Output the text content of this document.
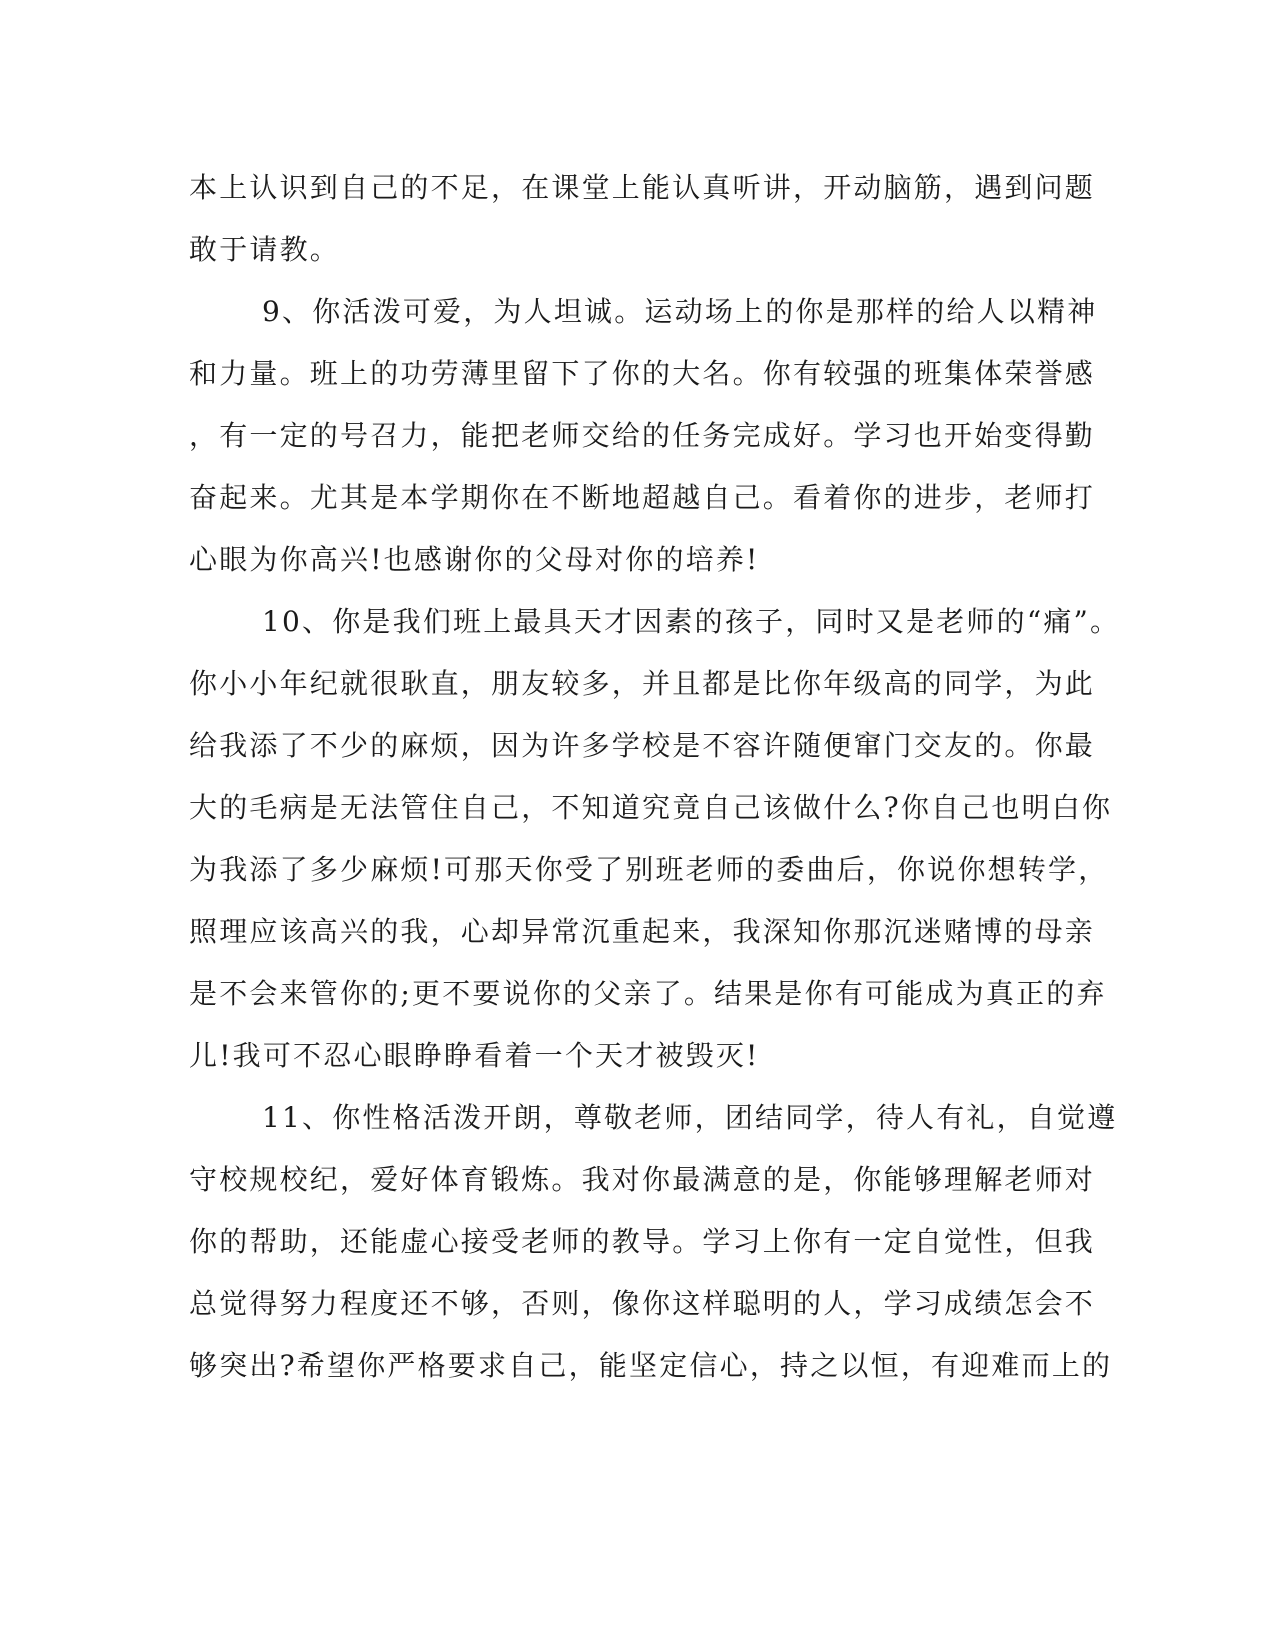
本上认识到自己的不足，在课堂上能认真听讲，开动脑筋，遇到问题
敢于请教。
9、你活泼可爱，为人坦诚。运动场上的你是那样的给人以精神
和力量。班上的功劳薄里留下了你的大名。你有较强的班集体荣誉感
，有一定的号召力，能把老师交给的任务完成好。学习也开始变得勤
奋起来。尤其是本学期你在不断地超越自己。看着你的进步，老师打
心眼为你高兴!也感谢你的父母对你的培养!
10、你是我们班上最具天才因素的孩子，同时又是老师的“痛”。
你小小年纪就很耿直，朋友较多，并且都是比你年级高的同学，为此
给我添了不少的麻烦，因为许多学校是不容许随便窜门交友的。你最
大的毛病是无法管住自己，不知道究竟自己该做什么?你自己也明白你
为我添了多少麻烦!可那天你受了别班老师的委曲后，你说你想转学，
照理应该高兴的我，心却异常沉重起来，我深知你那沉迷赌博的母亲
是不会来管你的;更不要说你的父亲了。结果是你有可能成为真正的弃
儿!我可不忍心眼睁睁看着一个天才被毁灭!
11、你性格活泼开朗，尊敬老师，团结同学，待人有礼，自觉遵
守校规校纪，爱好体育锻炼。我对你最满意的是，你能够理解老师对
你的帮助，还能虚心接受老师的教导。学习上你有一定自觉性，但我
总觉得努力程度还不够，否则，像你这样聪明的人，学习成绩怎会不
够突出?希望你严格要求自己，能坚定信心，持之以恒，有迎难而上的
